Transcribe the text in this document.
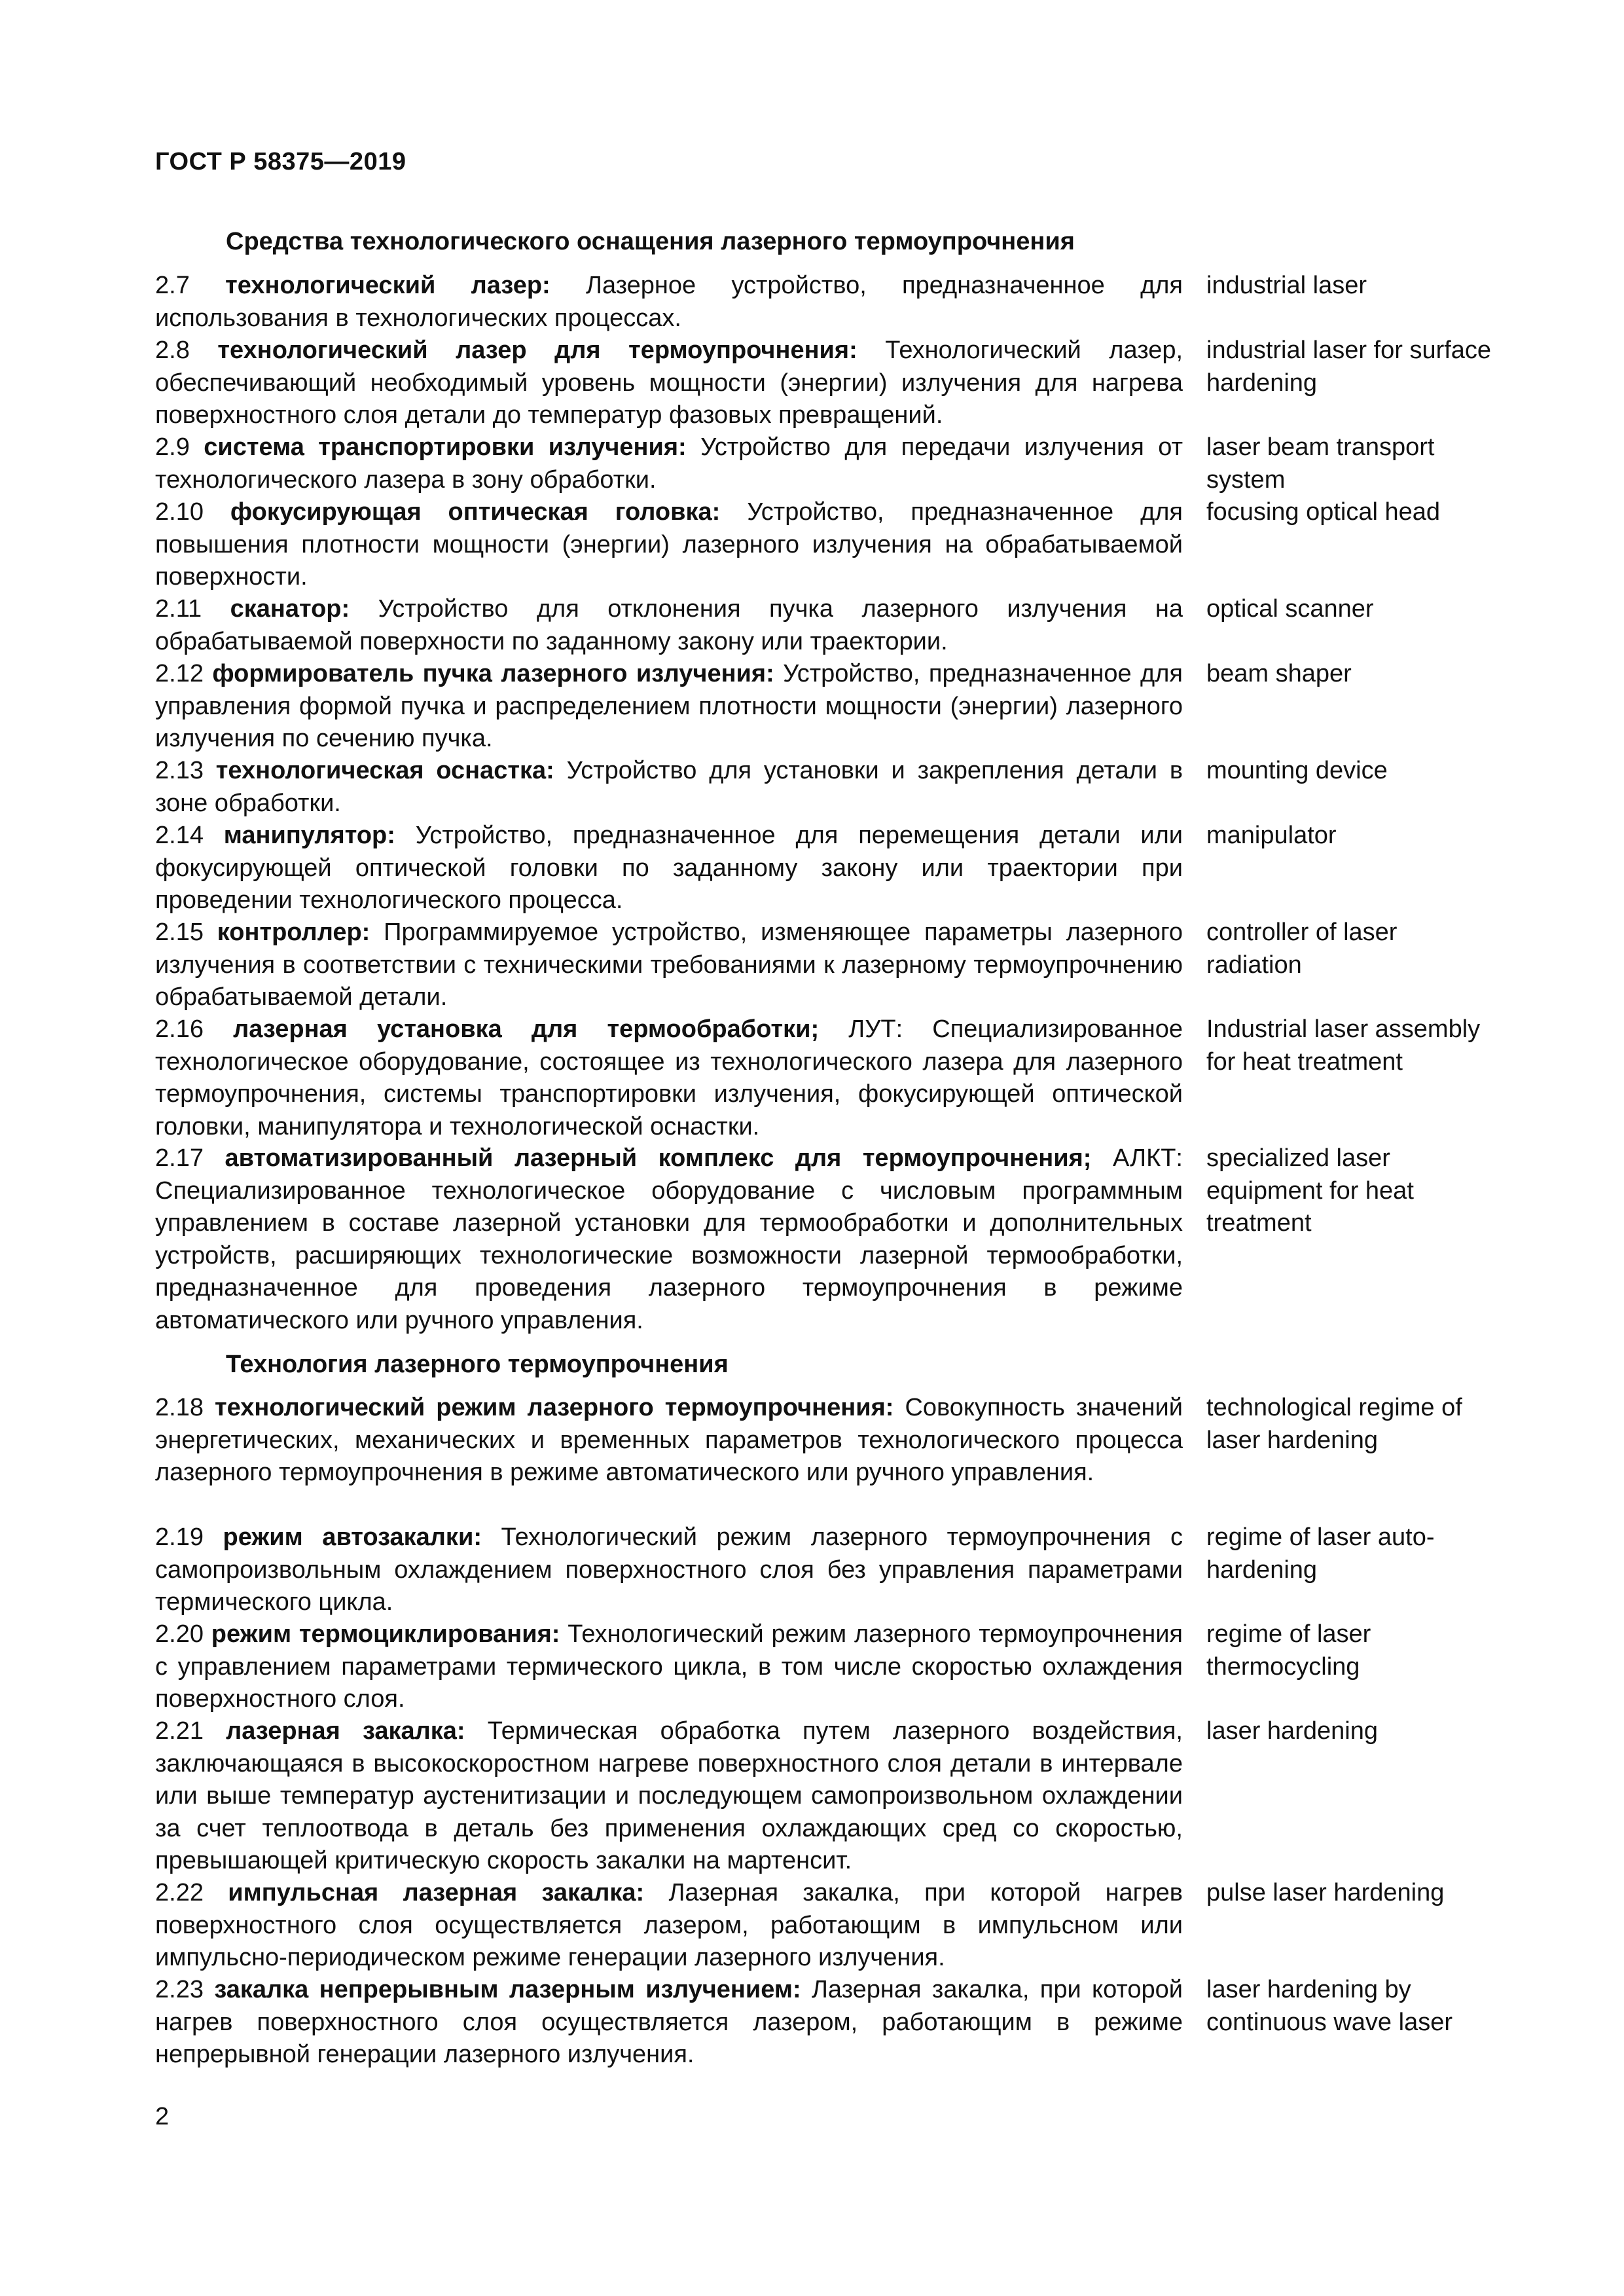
ГОСТ Р 58375—2019
Средства технологического оснащения лазерного термоупрочнения
2.7 технологический лазер: Лазерное устройство, предназначенное для использования в технологических процессах.
industrial laser
2.8 технологический лазер для термоупрочнения: Технологический лазер, обеспечивающий необходимый уровень мощности (энергии) излучения для нагрева поверхностного слоя детали до температур фазовых превращений.
industrial laser for surface hardening
2.9 система транспортировки излучения: Устройство для передачи излучения от технологического лазера в зону обработки.
laser beam transport system
2.10 фокусирующая оптическая головка: Устройство, предназначенное для повышения плотности мощности (энергии) лазерного излучения на обрабатываемой поверхности.
focusing optical head
2.11 сканатор: Устройство для отклонения пучка лазерного излучения на обрабатываемой поверхности по заданному закону или траектории.
optical scanner
2.12 формирователь пучка лазерного излучения: Устройство, предназначенное для управления формой пучка и распределением плотности мощности (энергии) лазерного излучения по сечению пучка.
beam shaper
2.13 технологическая оснастка: Устройство для установки и закрепления детали в зоне обработки.
mounting device
2.14 манипулятор: Устройство, предназначенное для перемещения детали или фокусирующей оптической головки по заданному закону или траектории при проведении технологического процесса.
manipulator
2.15 контроллер: Программируемое устройство, изменяющее параметры лазерного излучения в соответствии с техническими требованиями к лазерному термоупрочнению обрабатываемой детали.
controller of laser radiation
2.16 лазерная установка для термообработки; ЛУТ: Специализированное технологическое оборудование, состоящее из технологического лазера для лазерного термоупрочнения, системы транспортировки излучения, фокусирующей оптической головки, манипулятора и технологической оснастки.
Industrial laser assembly for heat treatment
2.17 автоматизированный лазерный комплекс для термоупрочнения; АЛКТ: Специализированное технологическое оборудование с числовым программным управлением в составе лазерной установки для термообработки и дополнительных устройств, расширяющих технологические возможности лазерной термообработки, предназначенное для проведения лазерного термоупрочнения в режиме автоматического или ручного управления.
specialized laser equipment for heat treatment
Технология лазерного термоупрочнения
2.18 технологический режим лазерного термоупрочнения: Совокупность значений энергетических, механических и временных параметров технологического процесса лазерного термоупрочнения в режиме автоматического или ручного управления.
technological regime of laser hardening
2.19 режим автозакалки: Технологический режим лазерного термоупрочнения с самопроизвольным охлаждением поверхностного слоя без управления параметрами термического цикла.
regime of laser auto-hardening
2.20 режим термоциклирования: Технологический режим лазерного термоупрочнения с управлением параметрами термического цикла, в том числе скоростью охлаждения поверхностного слоя.
regime of laser thermocycling
2.21 лазерная закалка: Термическая обработка путем лазерного воздействия, заключающаяся в высокоскоростном нагреве поверхностного слоя детали в интервале или выше температур аустенитизации и последующем самопроизвольном охлаждении за счет теплоотвода в деталь без применения охлаждающих сред со скоростью, превышающей критическую скорость закалки на мартенсит.
laser hardening
2.22 импульсная лазерная закалка: Лазерная закалка, при которой нагрев поверхностного слоя осуществляется лазером, работающим в импульсном или импульсно-периодическом режиме генерации лазерного излучения.
pulse laser hardening
2.23 закалка непрерывным лазерным излучением: Лазерная закалка, при которой нагрев поверхностного слоя осуществляется лазером, работающим в режиме непрерывной генерации лазерного излучения.
laser hardening by continuous wave laser
2
